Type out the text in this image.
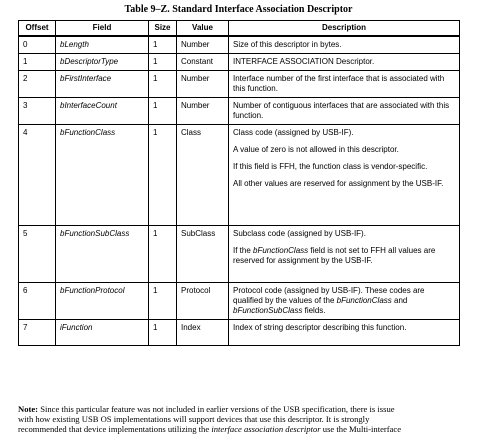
Table 9–Z. Standard Interface Association Descriptor
Offset	Field	Size	Value	Description
0	bLength	1	Number	Size of this descriptor in bytes.

1	bDescriptorType	1	Constant	INTERFACE ASSOCIATION Descriptor.

2	bFirstInterface	1	Number	Interface number of the first interface that is associated with this function.

3	bInterfaceCount	1	Number	Number of contiguous interfaces that are associated with this function.

4	bFunctionClass	1	Class	Class code (assigned by USB-IF).

A value of zero is not allowed in this descriptor.

If this field is FFH, the function class is vendor-specific.

All other values are reserved for assignment by the USB-IF.

5	bFunctionSubClass	1	SubClass	Subclass code (assigned by USB-IF).

If the bFunctionClass field is not set to FFH all values are reserved for assignment by the USB-IF.

6	bFunctionProtocol	1	Protocol	Protocol code (assigned by USB-IF). These codes are qualified by the values of the bFunctionClass and bFunctionSubClass fields.

7	iFunction	1	Index	Index of string descriptor describing this function.

Note: Since this particular feature was not included in earlier versions of the USB specification, there is issue
with how existing USB OS implementations will support devices that use this descriptor. It is strongly
recommended that device implementations utilizing the interface association descriptor use the Multi-interface
